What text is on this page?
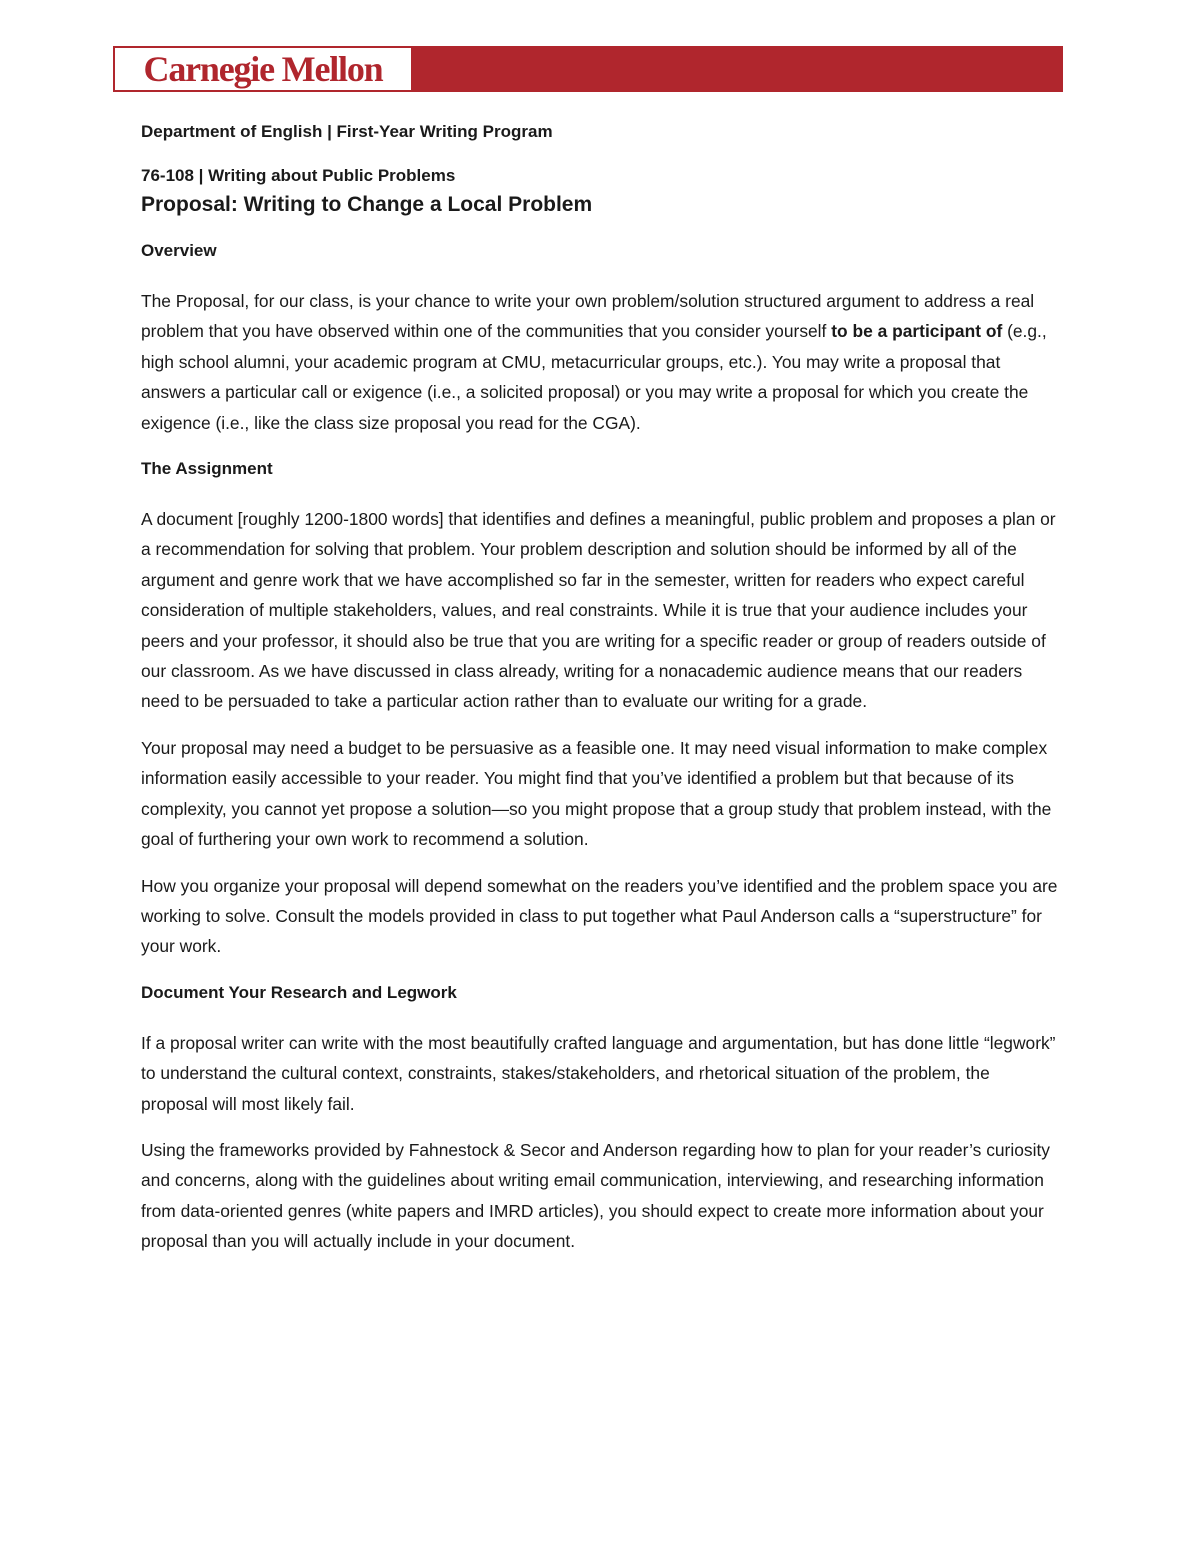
Carnegie Mellon

Department of English | First-Year Writing Program

76-108 | Writing about Public Problems

Proposal: Writing to Change a Local Problem

Overview

The Proposal, for our class, is your chance to write your own problem/solution structured argument to address a real problem that you have observed within one of the communities that you consider yourself to be a participant of (e.g., high school alumni, your academic program at CMU, metacurricular groups, etc.). You may write a proposal that answers a particular call or exigence (i.e., a solicited proposal) or you may write a proposal for which you create the exigence (i.e., like the class size proposal you read for the CGA).

The Assignment

A document [roughly 1200-1800 words] that identifies and defines a meaningful, public problem and proposes a plan or a recommendation for solving that problem. Your problem description and solution should be informed by all of the argument and genre work that we have accomplished so far in the semester, written for readers who expect careful consideration of multiple stakeholders, values, and real constraints. While it is true that your audience includes your peers and your professor, it should also be true that you are writing for a specific reader or group of readers outside of our classroom. As we have discussed in class already, writing for a nonacademic audience means that our readers need to be persuaded to take a particular action rather than to evaluate our writing for a grade.

Your proposal may need a budget to be persuasive as a feasible one. It may need visual information to make complex information easily accessible to your reader. You might find that you’ve identified a problem but that because of its complexity, you cannot yet propose a solution—so you might propose that a group study that problem instead, with the goal of furthering your own work to recommend a solution.

How you organize your proposal will depend somewhat on the readers you’ve identified and the problem space you are working to solve. Consult the models provided in class to put together what Paul Anderson calls a “superstructure” for your work.

Document Your Research and Legwork

If a proposal writer can write with the most beautifully crafted language and argumentation, but has done little “legwork” to understand the cultural context, constraints, stakes/stakeholders, and rhetorical situation of the problem, the proposal will most likely fail.

Using the frameworks provided by Fahnestock & Secor and Anderson regarding how to plan for your reader’s curiosity and concerns, along with the guidelines about writing email communication, interviewing, and researching information from data-oriented genres (white papers and IMRD articles), you should expect to create more information about your proposal than you will actually include in your document.
